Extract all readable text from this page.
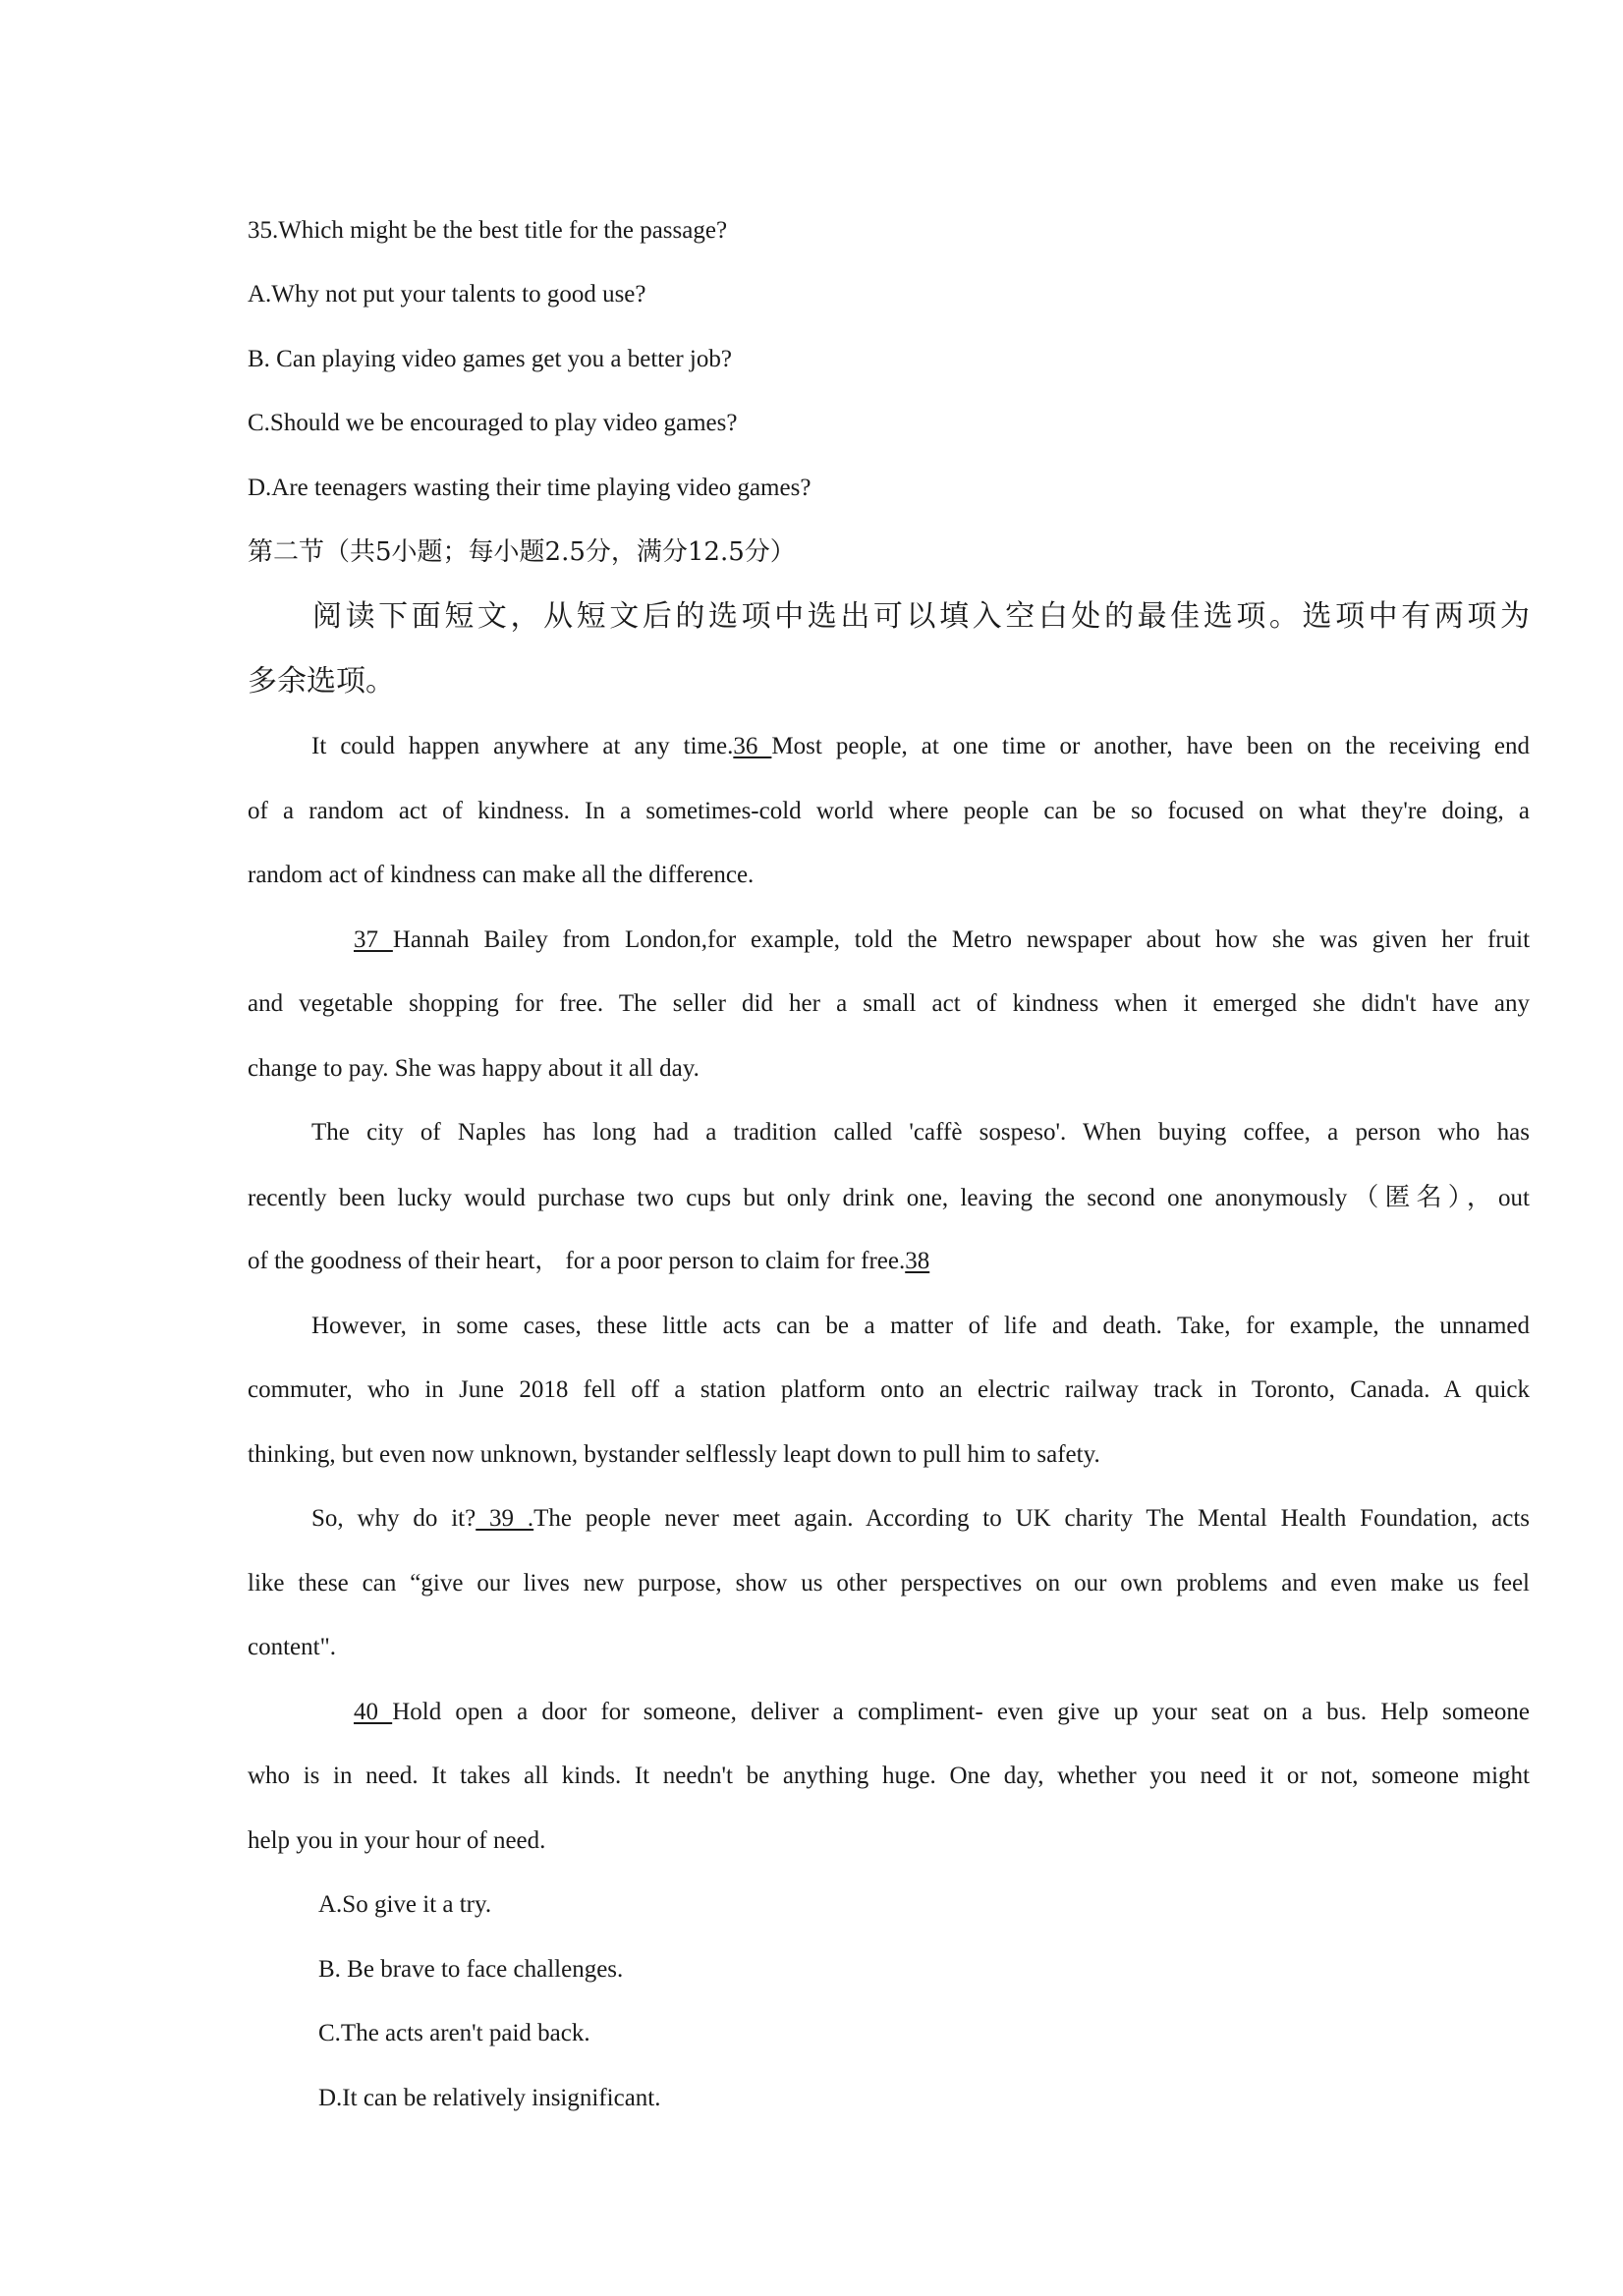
35.Which might be the best title for the passage?
A.Why not put your talents to good use?
B. Can playing video games get you a better job?
C.Should we be encouraged to play video games?
D.Are teenagers wasting their time playing video games?
第二节（共5小题；每小题2.5分，满分12.5分）
阅读下面短文，从短文后的选项中选出可以填入空白处的最佳选项。选项中有两项为
多余选项。
It could happen anywhere at any time.36 Most people, at one time or another, have been on the receiving end
of a random act of kindness. In a sometimes-cold world where people can be so focused on what they're doing, a
random act of kindness can make all the difference.
37 Hannah Bailey from London,for example, told the Metro newspaper about how she was given her fruit
and vegetable shopping for free. The seller did her a small act of kindness when it emerged she didn't have any
change to pay. She was happy about it all day.
The city of Naples has long had a tradition called 'caffè sospeso'. When buying coffee, a person who has
recently been lucky would purchase two cups but only drink one, leaving the second one anonymously（匿名），out
of the goodness of their heart， for a poor person to claim for free.38
However, in some cases, these little acts can be a matter of life and death. Take, for example, the unnamed
commuter, who in June 2018 fell off a station platform onto an electric railway track in Toronto, Canada. A quick
thinking, but even now unknown, bystander selflessly leapt down to pull him to safety.
So, why do it? 39 .The people never meet again. According to UK charity The Mental Health Foundation, acts
like these can “give our lives new purpose, show us other perspectives on our own problems and even make us feel
content".
40 Hold open a door for someone, deliver a compliment- even give up your seat on a bus. Help someone
who is in need. It takes all kinds. It needn't be anything huge. One day, whether you need it or not, someone might
help you in your hour of need.
A.So give it a try.
B. Be brave to face challenges.
C.The acts aren't paid back.
D.It can be relatively insignificant.
